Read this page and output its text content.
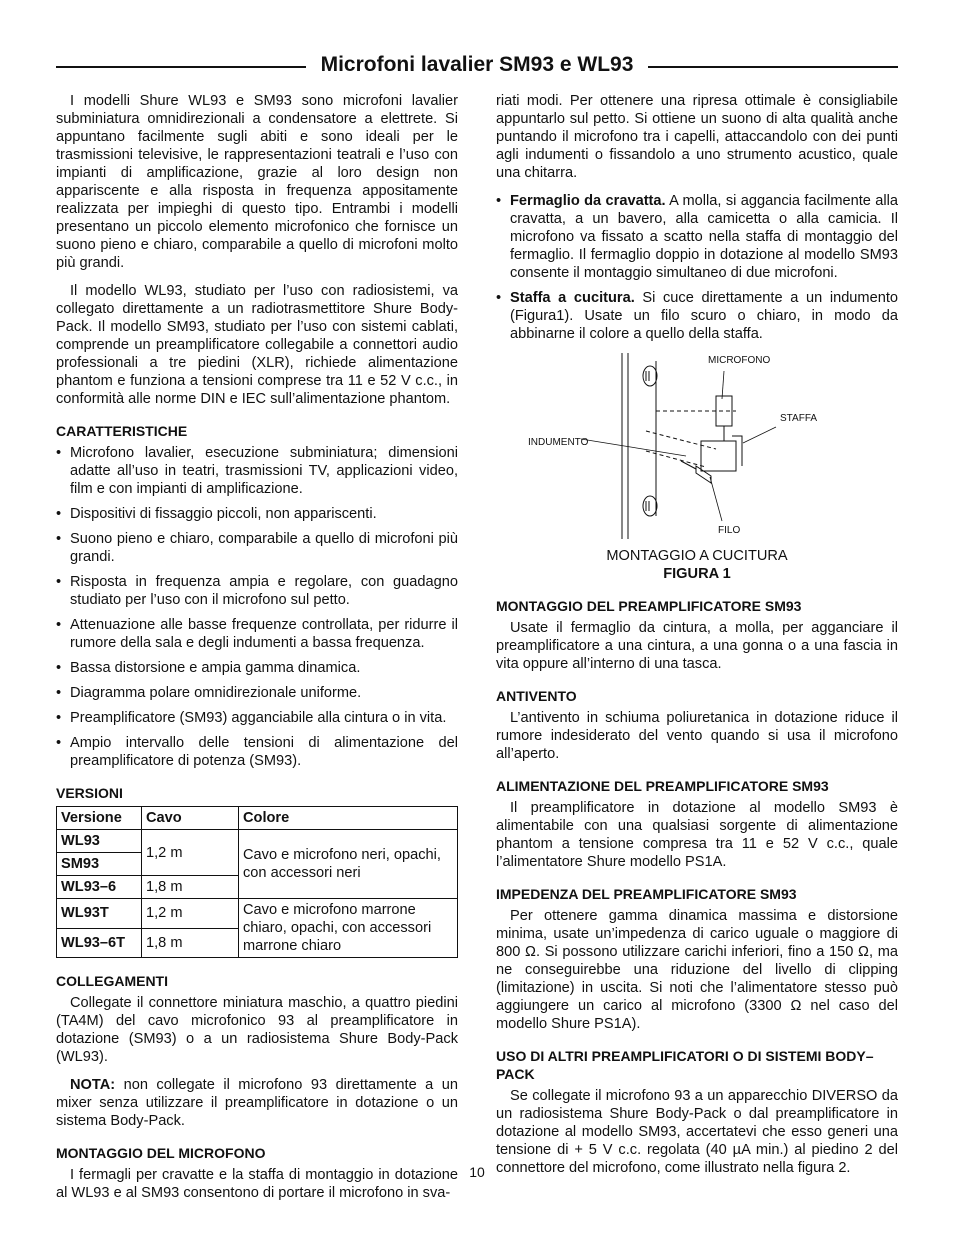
Microfoni lavalier SM93 e WL93

I modelli Shure WL93 e SM93 sono microfoni lavalier subminiatura omnidirezionali a condensatore a elettrete. Si appuntano facilmente sugli abiti e sono ideali per le trasmissioni televisive, le rappresentazioni teatrali e l’uso con impianti di amplificazione, grazie al loro design non appariscente e alla risposta in frequenza appositamente realizzata per impieghi di questo tipo. Entrambi i modelli presentano un piccolo elemento microfonico che fornisce un suono pieno e chiaro, comparabile a quello di microfoni molto più grandi.

Il modello WL93, studiato per l’uso con radiosistemi, va collegato direttamente a un radiotrasmettitore Shure Body-Pack. Il modello SM93, studiato per l’uso con sistemi cablati, comprende un preamplificatore collegabile a connettori audio professionali a tre piedini (XLR), richiede alimentazione phantom e funziona a tensioni comprese tra 11 e 52 V c.c., in conformità alle norme DIN e IEC sull’alimentazione phantom.

CARATTERISTICHE
• Microfono lavalier, esecuzione subminiatura; dimensioni adatte all’uso in teatri, trasmissioni TV, applicazioni video, film e con impianti di amplificazione.
• Dispositivi di fissaggio piccoli, non appariscenti.
• Suono pieno e chiaro, comparabile a quello di microfoni più grandi.
• Risposta in frequenza ampia e regolare, con guadagno studiato per l’uso con il microfono sul petto.
• Attenuazione alle basse frequenze controllata, per ridurre il rumore della sala e degli indumenti a bassa frequenza.
• Bassa distorsione e ampia gamma dinamica.
• Diagramma polare omnidirezionale uniforme.
• Preamplificatore (SM93) agganciabile alla cintura o in vita.
• Ampio intervallo delle tensioni di alimentazione del preamplificatore di potenza (SM93).
VERSIONI
Versione	Cavo	Colore
WL93	1,2 m	Cavo e microfono neri, opachi, con accessori neri
SM93		
WL93–6	1,8 m	
WL93T	1,2 m	Cavo e microfono marrone chiaro, opachi, con accessori marrone chiaro
WL93–6T	1,8 m	
COLLEGAMENTI

Collegate il connettore miniatura maschio, a quattro piedini (TA4M) del cavo microfonico 93 al preamplificatore in dotazione (SM93) o a un radiosistema Shure Body-Pack (WL93).

NOTA: non collegate il microfono 93 direttamente a un mixer senza utilizzare il preamplificatore in dotazione o un sistema Body-Pack.

MONTAGGIO DEL MICROFONO

I fermagli per cravatte e la staffa di montaggio in dotazione al WL93 e al SM93 consentono di portare il microfono in sva-

riati modi. Per ottenere una ripresa ottimale è consigliabile appuntarlo sul petto. Si ottiene un suono di alta qualità anche puntando il microfono tra i capelli, attaccandolo con dei punti agli indumenti o fissandolo a uno strumento acustico, quale una chitarra.

• Fermaglio da cravatta. A molla, si aggancia facilmente alla cravatta, a un bavero, alla camicetta o alla camicia. Il microfono va fissato a scatto nella staffa di montaggio del fermaglio. Il fermaglio doppio in dotazione al modello SM93 consente il montaggio simultaneo di due microfoni.
• Staffa a cucitura. Si cuce direttamente a un indumento (Figura1). Usate un filo scuro o chiaro, in modo da abbinarne il colore a quello della staffa.
MICROFONO
STAFFA
INDUMENTO
FILO

MONTAGGIO A CUCITURA

FIGURA 1

MONTAGGIO DEL PREAMPLIFICATORE SM93

Usate il fermaglio da cintura, a molla, per agganciare il preamplificatore a una cintura, a una gonna o a una fascia in vita oppure all’interno di una tasca.

ANTIVENTO

L’antivento in schiuma poliuretanica in dotazione riduce il rumore indesiderato del vento quando si usa il microfono all’aperto.

ALIMENTAZIONE DEL PREAMPLIFICATORE SM93

Il preamplificatore in dotazione al modello SM93 è alimentabile con una qualsiasi sorgente di alimentazione phantom a tensione compresa tra 11 e 52 V c.c., quale l’alimentatore Shure modello PS1A.

IMPEDENZA DEL PREAMPLIFICATORE SM93

Per ottenere gamma dinamica massima e distorsione minima, usate un’impedenza di carico uguale o maggiore di 800 Ω. Si possono utilizzare carichi inferiori, fino a 150 Ω, ma ne conseguirebbe una riduzione del livello di clipping (limitazione) in uscita. Si noti che l’alimentatore stesso può aggiungere un carico al microfono (3300 Ω nel caso del modello Shure PS1A).

USO DI ALTRI PREAMPLIFICATORI O DI SISTEMI BODY–PACK

Se collegate il microfono 93 a un apparecchio DIVERSO da un radiosistema Shure Body-Pack o dal preamplificatore in dotazione al modello SM93, accertatevi che esso generi una tensione di + 5 V c.c. regolata (40 µA min.) al piedino 2 del connettore del microfono, come illustrato nella figura 2.

10
